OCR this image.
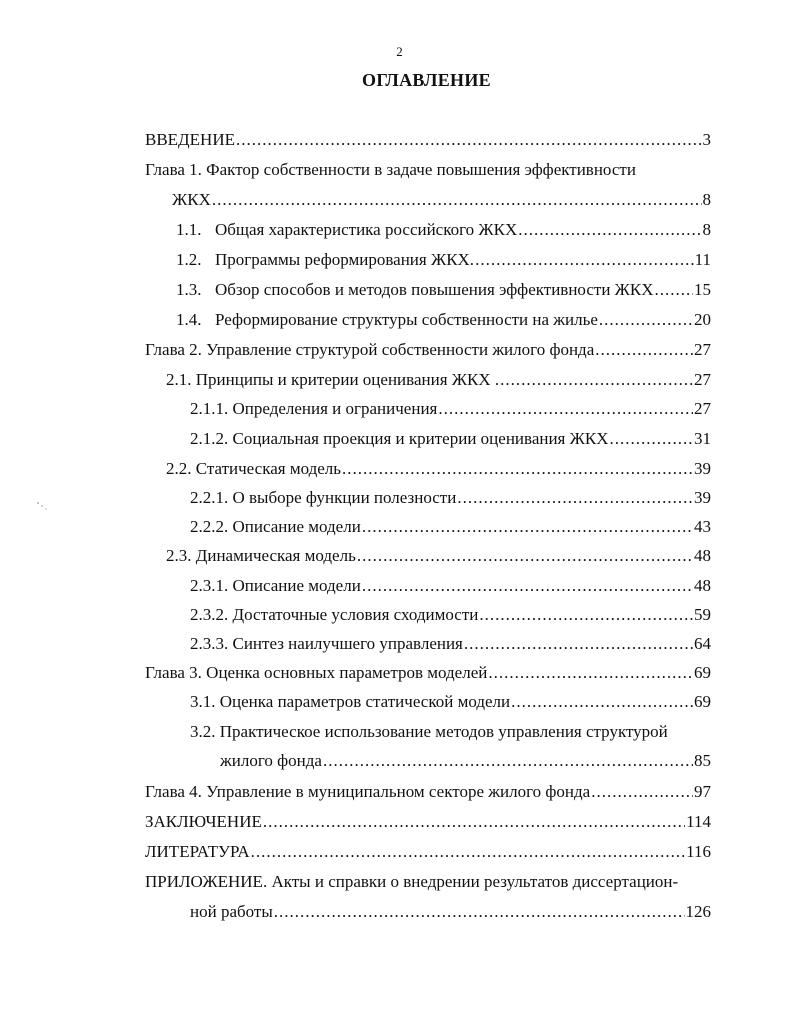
2
ОГЛАВЛЕНИЕ
ВВЕДЕНИЕ .....	3
Глава 1. Фактор собственности в задаче повышения эффективности
ЖКХ .....	8
1.1. Общая характеристика российского ЖКХ .....	8
1.2. Программы реформирования ЖКХ. .....	11
1.3. Обзор способов и методов повышения эффективности ЖКХ ..... 15
1.4. Реформирование структуры собственности на жилье .....	20
Глава 2. Управление структурой собственности жилого фонда .....	27
2.1. Принципы и критерии оценивания ЖКХ . .....	27
2.1.1. Определения и ограничения .....	27
2.1.2. Социальная проекция и критерии оценивания ЖКХ .....	31
2.2. Статическая модель .....	39
2.2.1. О выборе функции полезности .....	39
2.2.2. Описание модели .....	43
2.3. Динамическая модель .....	48
2.3.1. Описание модели .....	48
2.3.2. Достаточные условия сходимости .....	59
2.3.3. Синтез наилучшего управления .....	64
Глава 3. Оценка основных параметров моделей .....	69
3.1. Оценка параметров статической модели .....	69
3.2. Практическое использование методов управления структурой
жилого фонда .....	85
Глава 4. Управление в муниципальном секторе жилого фонда .....	97
ЗАКЛЮЧЕНИЕ .....	114
ЛИТЕРАТУРА .....	116
ПРИЛОЖЕНИЕ. Акты и справки о внедрении результатов диссертацион-
ной работы .....	126
